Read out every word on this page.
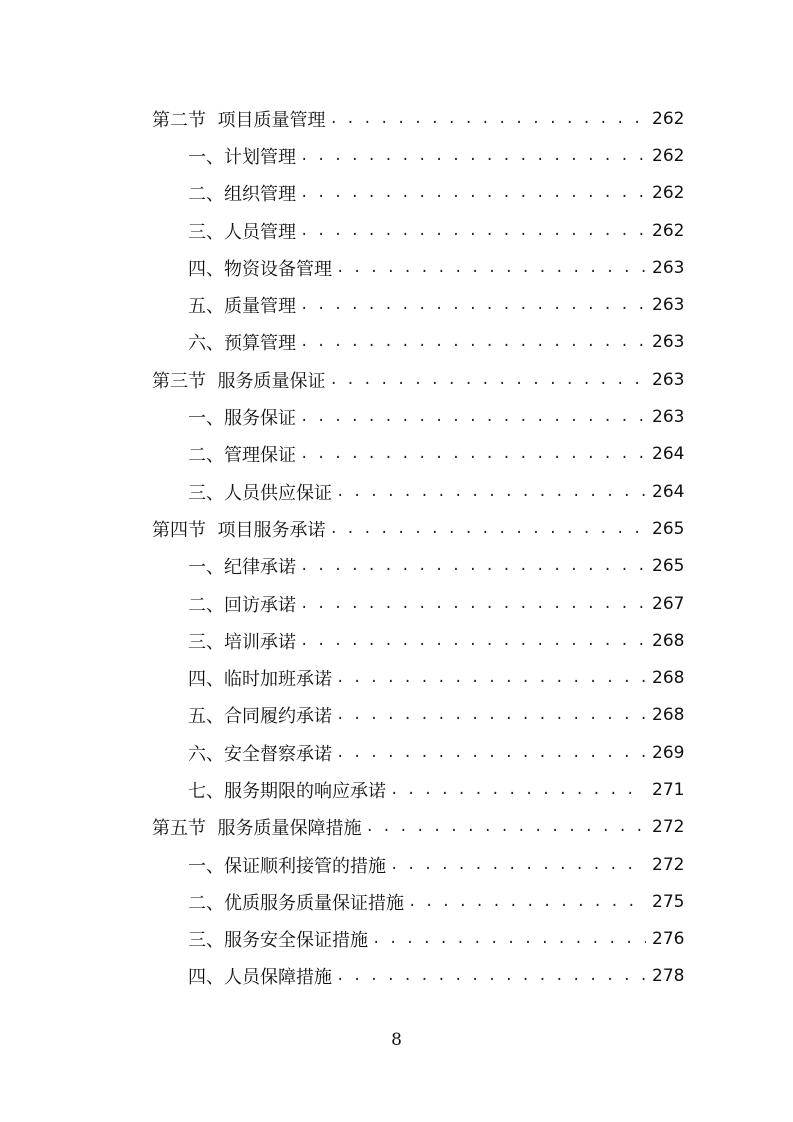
第二节  项目质量管理 . . .	262
一、计划管理 . . .	262
二、组织管理 . . .	262
三、人员管理 . . .	262
四、物资设备管理 . . .	263
五、质量管理 . . .	263
六、预算管理 . . .	263
第三节  服务质量保证 . . .	263
一、服务保证 . . .	263
二、管理保证 . . .	264
三、人员供应保证 . . .	264
第四节  项目服务承诺 . . .	265
一、纪律承诺 . . .	265
二、回访承诺 . . .	267
三、培训承诺 . . .	268
四、临时加班承诺 . . .	268
五、合同履约承诺 . . .	268
六、安全督察承诺 . . .	269
七、服务期限的响应承诺 . . .	271
第五节  服务质量保障措施 . . .	272
一、保证顺利接管的措施 . . .	272
二、优质服务质量保证措施 . . .	275
三、服务安全保证措施 . . .	276
四、人员保障措施 . . .	278
8
